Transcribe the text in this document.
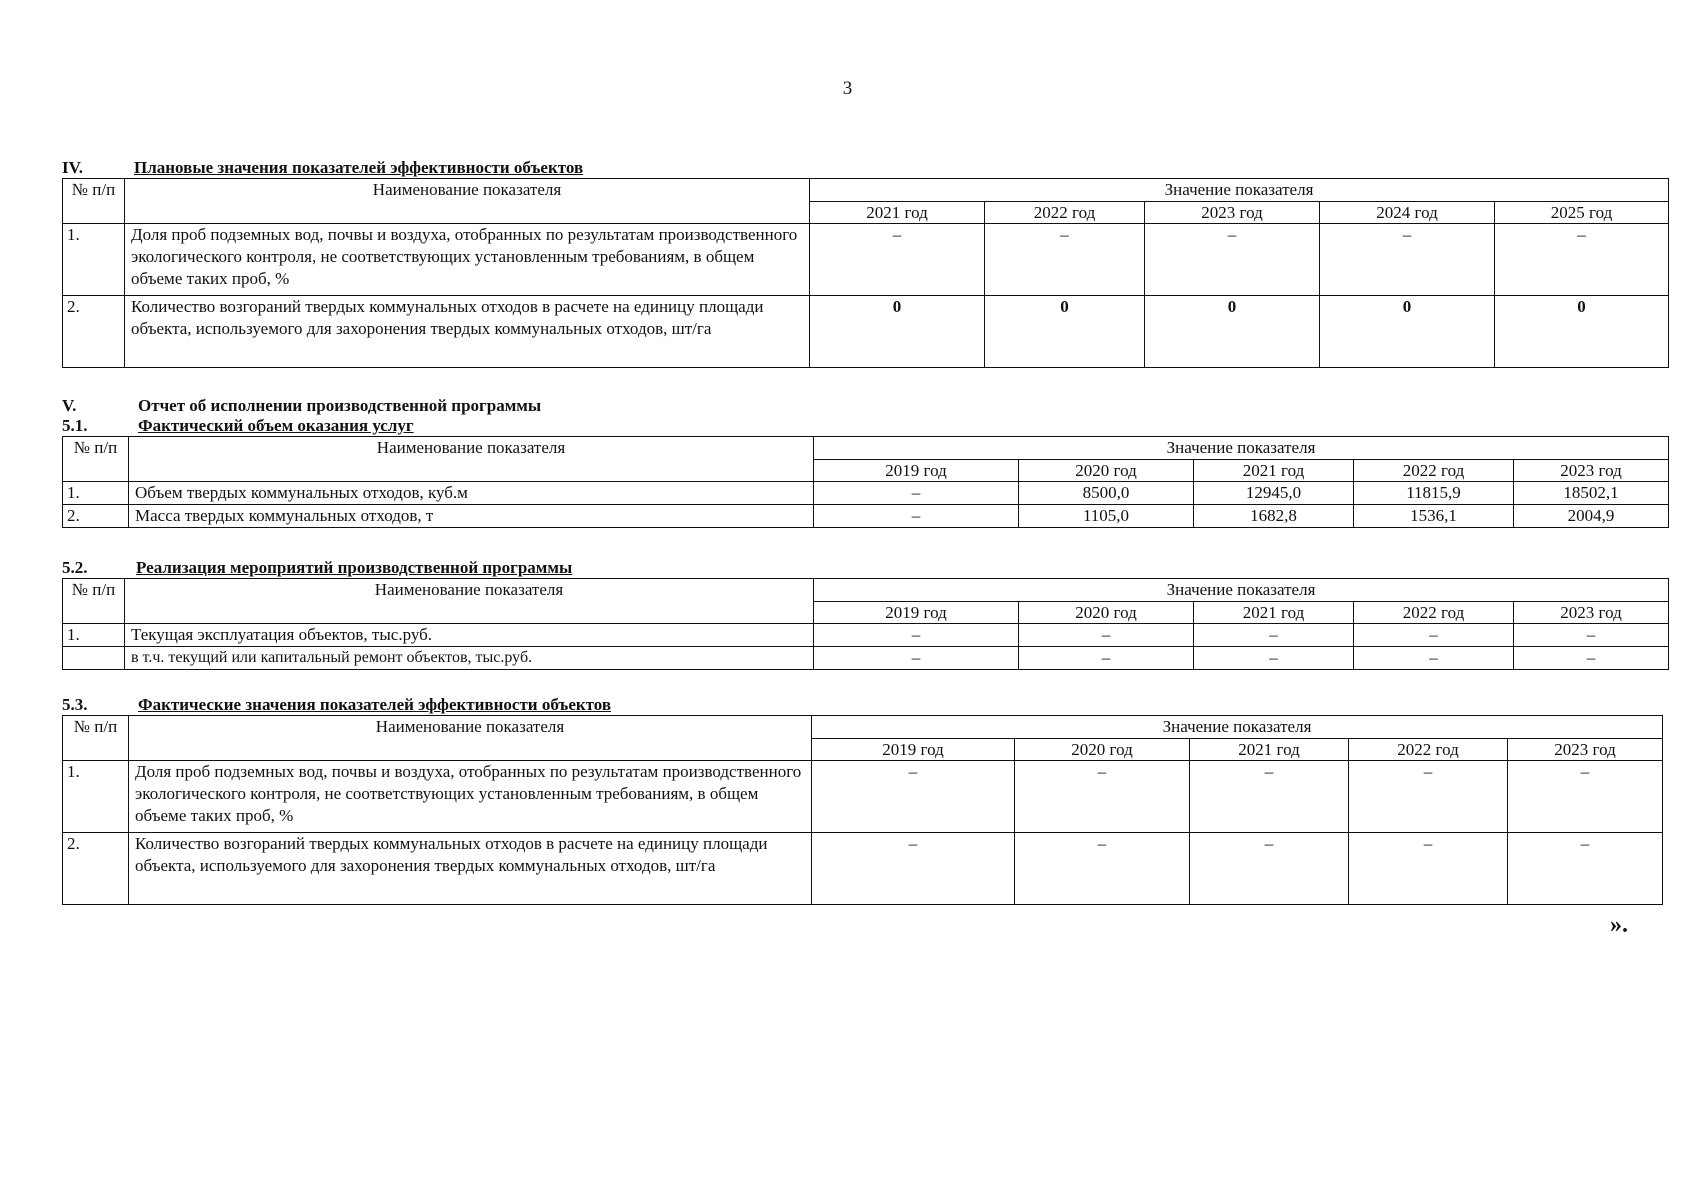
3
IV.	Плановые значения показателей эффективности объектов
№ п/п	Наименование показателя	Значение показателя				
		2021 год	2022 год	2023 год	2024 год	2025 год
1.	Доля проб подземных вод, почвы и воздуха, отобранных по результатам производственного экологического контроля, не соответствующих установленным требованиям, в общем объеме таких проб, %	–	–	–	–	–
2.	Количество возгораний твердых коммунальных отходов в расчете на единицу площади объекта, используемого для захоронения твердых коммунальных отходов, шт/га	0	0	0	0	0
V.	Отчет об исполнении производственной программы
5.1.	Фактический объем оказания услуг
№ п/п	Наименование показателя	Значение показателя				
		2019 год	2020 год	2021 год	2022 год	2023 год
1.	Объем твердых коммунальных отходов, куб.м	–	8500,0	12945,0	11815,9	18502,1
2.	Масса твердых коммунальных отходов, т	–	1105,0	1682,8	1536,1	2004,9
5.2.	Реализация мероприятий производственной программы
№ п/п	Наименование показателя	Значение показателя				
		2019 год	2020 год	2021 год	2022 год	2023 год
1.	Текущая эксплуатация объектов, тыс.руб.	–	–	–	–	–
	в т.ч. текущий или капитальный ремонт объектов, тыс.руб.	–	–	–	–	–
5.3.	Фактические значения показателей эффективности объектов
№ п/п	Наименование показателя	Значение показателя				
		2019 год	2020 год	2021 год	2022 год	2023 год
1.	Доля проб подземных вод, почвы и воздуха, отобранных по результатам производственного экологического контроля, не соответствующих установленным требованиям, в общем объеме таких проб, %	–	–	–	–	–
2.	Количество возгораний твердых коммунальных отходов в расчете на единицу площади объекта, используемого для захоронения твердых коммунальных отходов, шт/га	–	–	–	–	–
».
